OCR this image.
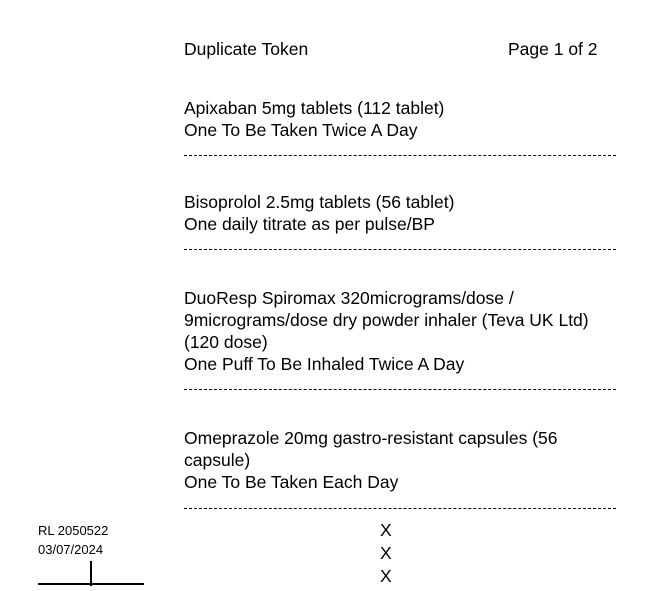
Duplicate Token	Page 1 of 2
Apixaban 5mg tablets (112 tablet)
One To Be Taken Twice A Day
Bisoprolol 2.5mg tablets (56 tablet)
One daily titrate as per pulse/BP
DuoResp Spiromax 320micrograms/dose / 9micrograms/dose dry powder inhaler (Teva UK Ltd) (120 dose)
One Puff To Be Inhaled Twice A Day
Omeprazole 20mg gastro-resistant capsules (56 capsule)
One To Be Taken Each Day
RL 2050522
03/07/2024
X
X
X
